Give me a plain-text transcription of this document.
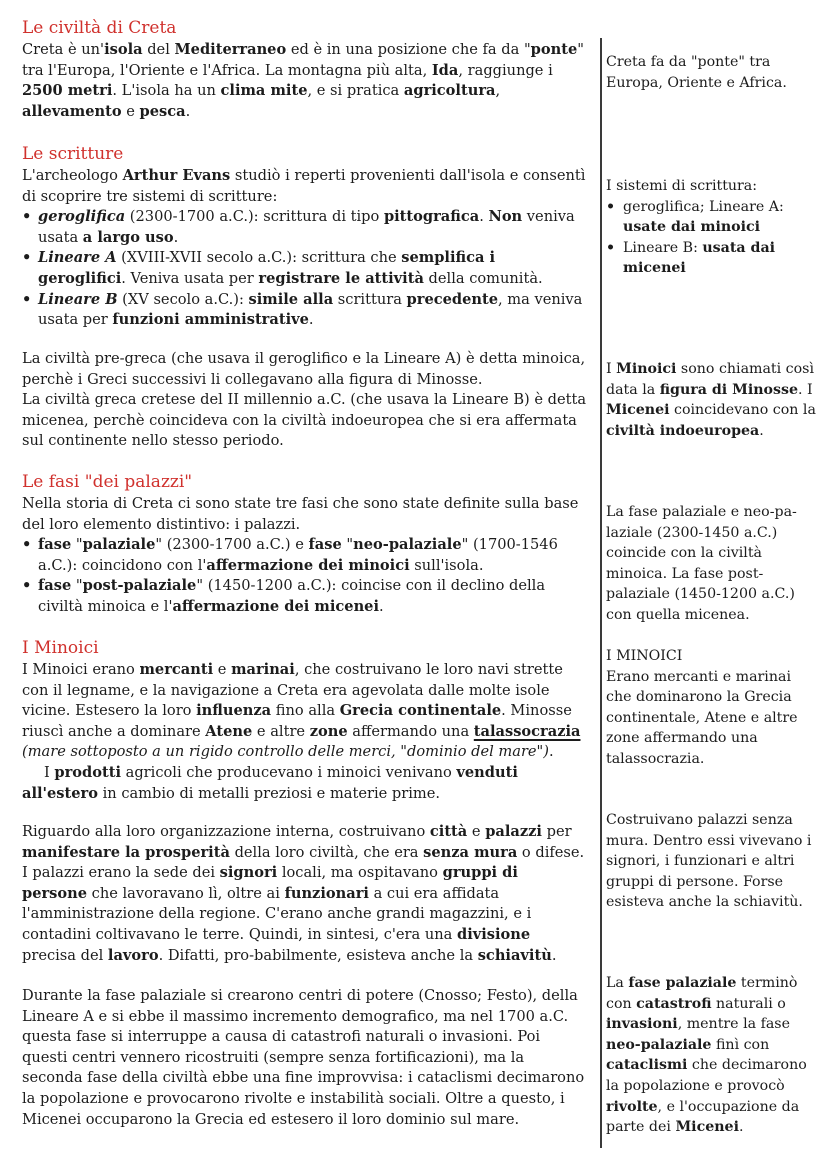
Le civiltà di Creta

Creta è un'isola del Mediterraneo ed è in una posizione che fa da "ponte" tra l'Europa, l'Oriente e l'Africa. La montagna più alta, Ida, raggiunge i 2500 metri. L'isola ha un clima mite, e si pratica agricoltura, allevamento e pesca.

Le scritture

L'archeologo Arthur Evans studiò i reperti provenienti dall'isola e consentì di scoprire tre sistemi di scritture:

• geroglifica (2300-1700 a.C.): scrittura di tipo pittografica. Non veniva usata a largo uso.
• Lineare A (XVIII-XVII secolo a.C.): scrittura che semplifica i geroglifici. Veniva usata per registrare le attività della comunità.
• Lineare B (XV secolo a.C.): simile alla scrittura precedente, ma veniva usata per funzioni amministrative.

La civiltà pre-greca (che usava il geroglifico e la Lineare A) è detta minoica, perchè i Greci successivi li collegavano alla figura di Minosse.

La civiltà greca cretese del II millennio a.C. (che usava la Lineare B) è detta micenea, perchè coincideva con la civiltà indoeuropea che si era affermata sul continente nello stesso periodo.

Le fasi "dei palazzi"

Nella storia di Creta ci sono state tre fasi che sono state definite sulla base del loro elemento distintivo: i palazzi.

• fase "palaziale" (2300-1700 a.C.) e fase "neo-palaziale" (1700-1546 a.C.): coincidono con l'affermazione dei minoici sull'isola.
• fase "post-palaziale" (1450-1200 a.C.): coincise con il declino della civiltà minoica e l'affermazione dei micenei.
I Minoici

I Minoici erano mercanti e marinai, che costruivano le loro navi strette con il legname, e la navigazione a Creta era agevolata dalle molte isole vicine. Estesero la loro influenza fino alla Grecia continentale. Minosse riuscì anche a dominare Atene e altre zone affermando una talassocrazia (mare sottoposto a un rigido controllo delle merci, "dominio del mare").

I prodotti agricoli che producevano i minoici venivano venduti all'estero in cambio di metalli preziosi e materie prime.

Riguardo alla loro organizzazione interna, costruivano città e palazzi per manifestare la prosperità della loro civiltà, che era senza mura o difese. I palazzi erano la sede dei signori locali, ma ospitavano gruppi di persone che lavoravano lì, oltre ai funzionari a cui era affidata l'amministrazione della regione. C'erano anche grandi magazzini, e i contadini coltivavano le terre. Quindi, in sintesi, c'era una divisione precisa del lavoro. Difatti, pro-babilmente, esisteva anche la schiavitù.

Durante la fase palaziale si crearono centri di potere (Cnosso; Festo), della Lineare A e si ebbe il massimo incremento demografico, ma nel 1700 a.C. questa fase si interruppe a causa di catastrofi naturali o invasioni. Poi questi centri vennero ricostruiti (sempre senza fortificazioni), ma la seconda fase della civiltà ebbe una fine improvvisa: i cataclismi decimarono la popolazione e provocarono rivolte e instabilità sociali. Oltre a questo, i Micenei occuparono la Grecia ed estesero il loro dominio sul mare.

Creta fa da "ponte" tra Europa, Oriente e Africa.

I sistemi di scrittura:

• geroglifica; Lineare A: usate dai minoici
• Lineare B: usata dai micenei

I Minoici sono chiamati così data la figura di Minosse. I Micenei coincidevano con la civiltà indoeuropea.

La fase palaziale e neo-pa-laziale (2300-1450 a.C.) coincide con la civiltà minoica. La fase post-palaziale (1450-1200 a.C.) con quella micenea.

I MINOICI

Erano mercanti e marinai che dominarono la Grecia continentale, Atene e altre zone affermando una talassocrazia.

Costruivano palazzi senza mura. Dentro essi vivevano i signori, i funzionari e altri gruppi di persone. Forse esisteva anche la schiavitù.

La fase palaziale terminò con catastrofi naturali o invasioni, mentre la fase neo-palaziale finì con cataclismi che decimarono la popolazione e provocò rivolte, e l'occupazione da parte dei Micenei.
